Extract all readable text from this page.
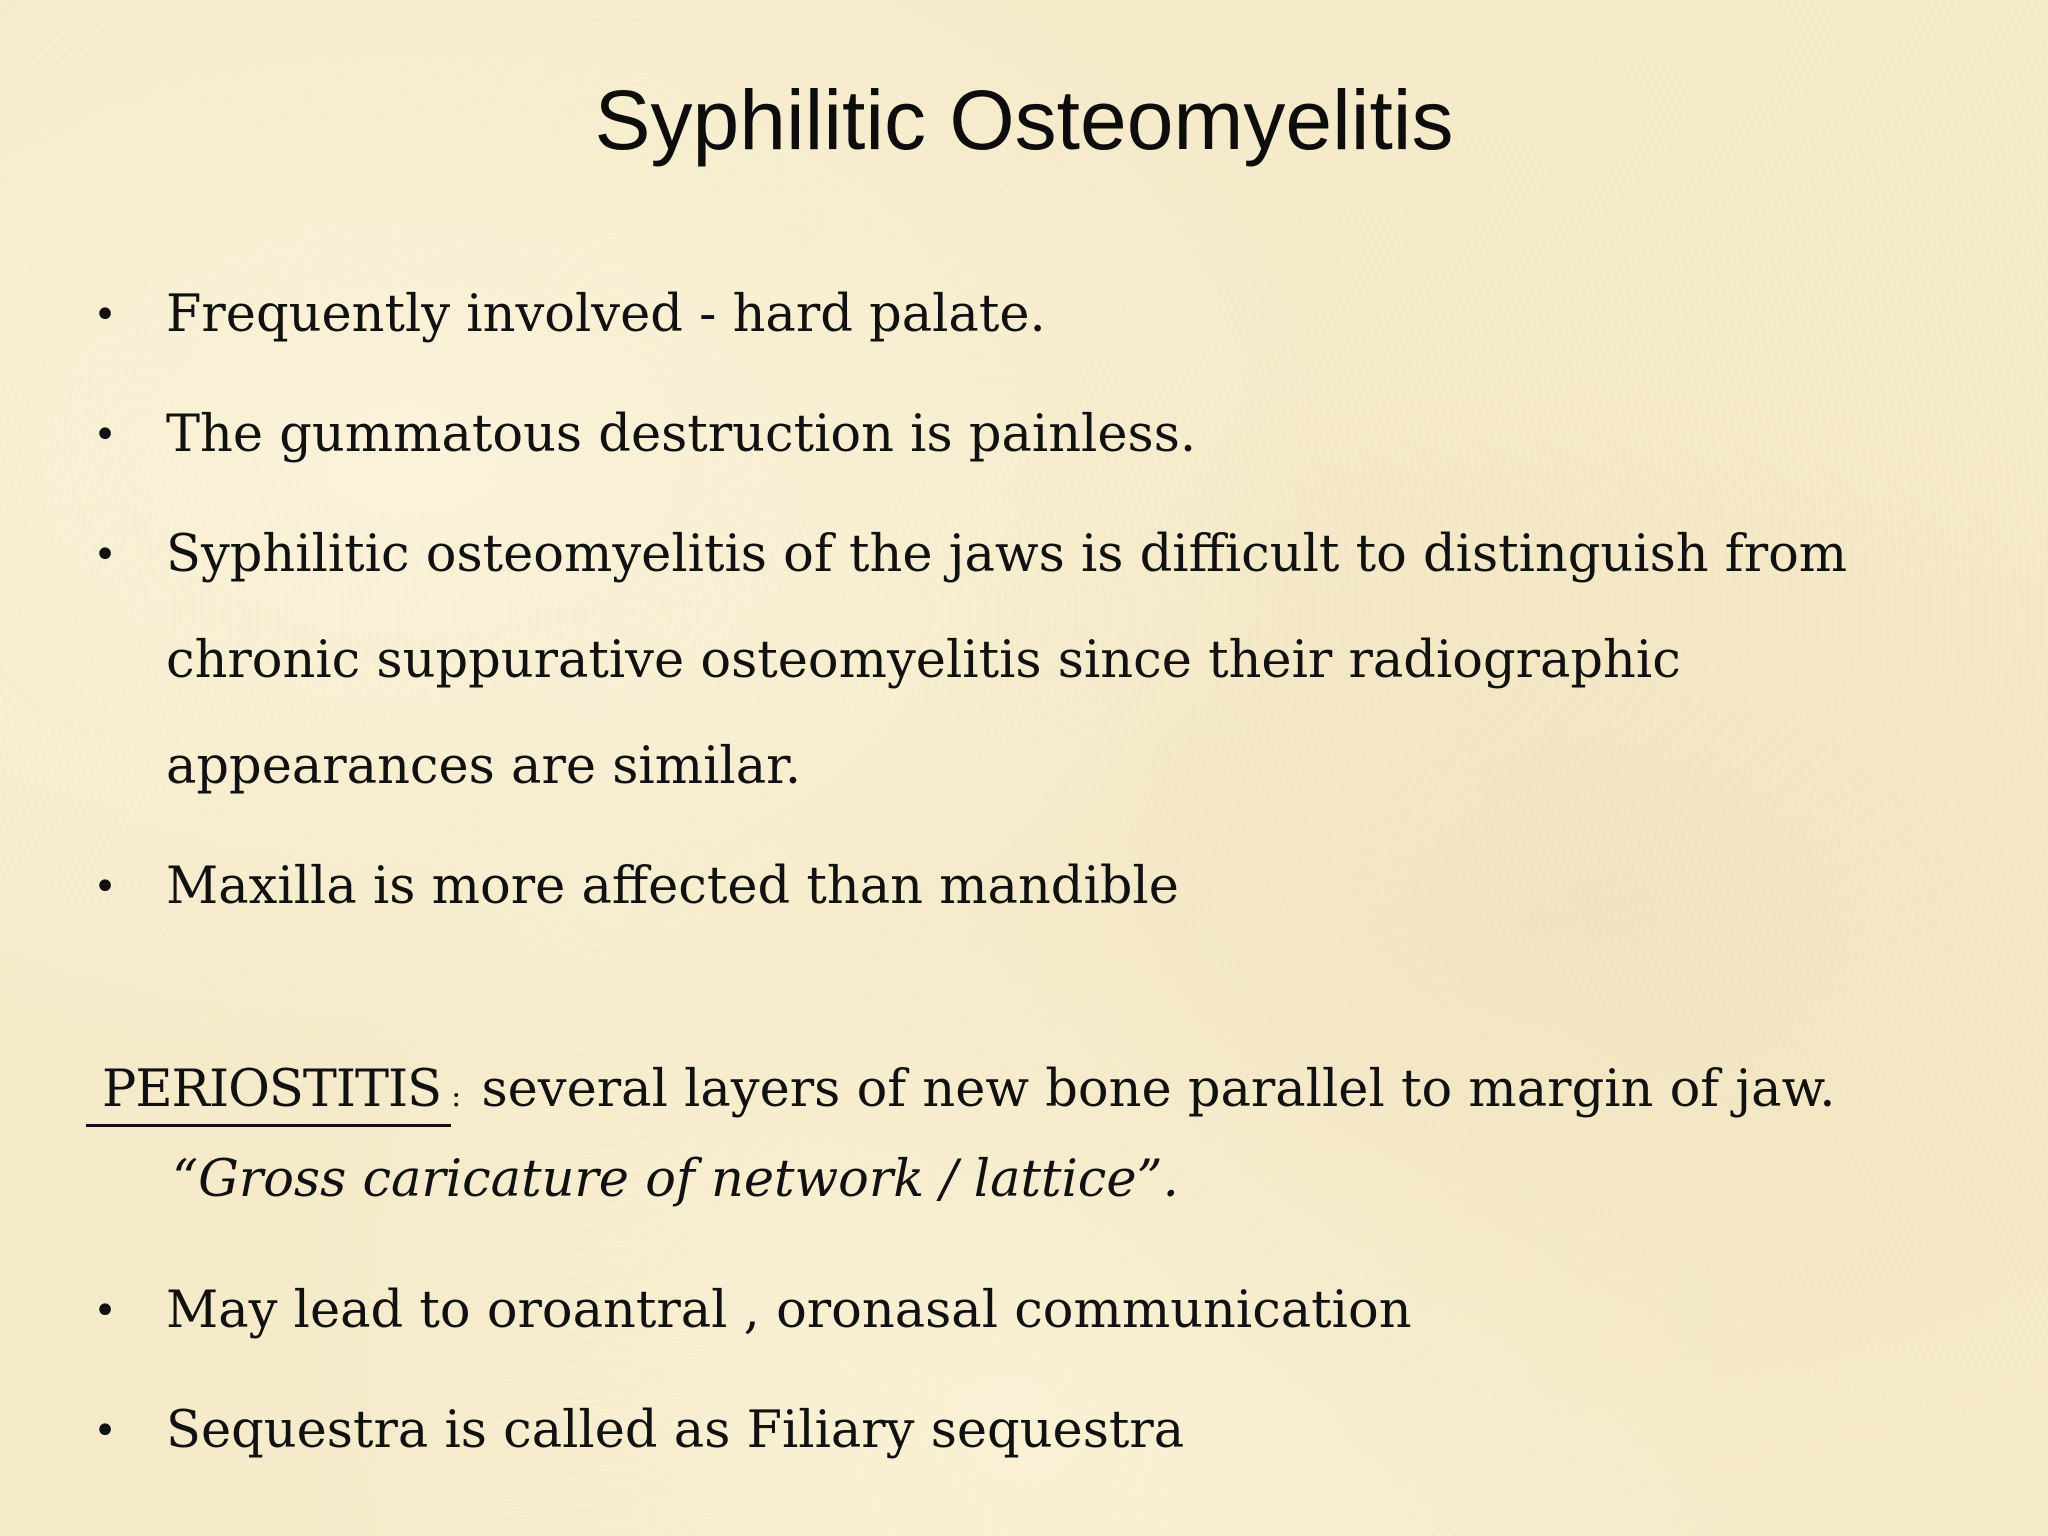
Syphilitic Osteomyelitis
• Frequently involved - hard palate.
• The gummatous destruction is painless.
• Syphilitic osteomyelitis of the jaws is difficult to distinguish from chronic suppurative osteomyelitis since their radiographic appearances are similar.
• Maxilla is more affected than mandible
PERIOSTITIS : several layers of new bone parallel to margin of jaw.
“Gross caricature of network / lattice”.
• May lead to oroantral , oronasal communication
• Sequestra is called as Filiary sequestra
